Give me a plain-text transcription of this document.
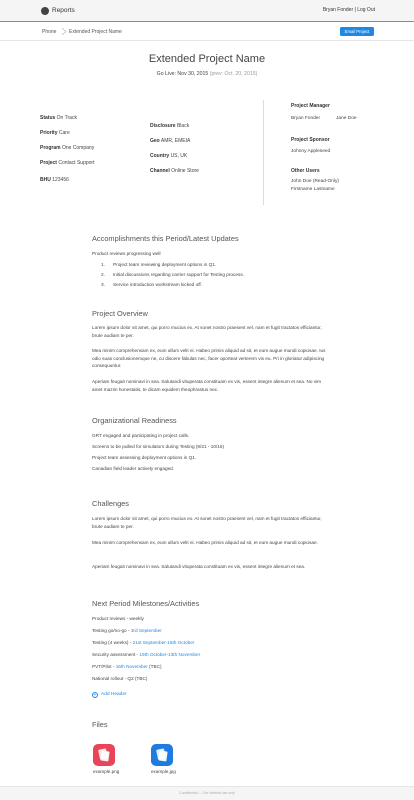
Reports	Bryan Fonder | Log Out
Phone	Extended Project Name	Email Project
Extended Project Name
Go Live: Nov 30, 2015 (prev: Oct. 20, 2015)
Status On Track
Priority Care
Program One Company
Project Contact Support
BHU 123456
Disclosure Black
Geo AMR, EMEIA
Country US, UK
Channel Online Store
Project Manager
Bryan Fonder	Jane Doe
Project Sponsor
Johnny Appleseed
Other Users
John Doe (Read-Only)
Firstname Lastname
Accomplishments this Period/Latest Updates
Product reviews progressing well
1. Project team reviewing deployment options in Q1.
2. Initial discussions regarding carrier support for Testing process.
3. Service introduction workstream kicked off.
Project Overview
Lorem ipsum dolor sit amet, qui porro mucius ex. At sonet nostro praesent vel, nam et fugit tractatos efficiantur, brute audiam te per.
Mea minim comprehensam ex, eum ullum velit ei. Habeo primis aliquid ad sit, et eum augue mundi copiosae. Ius odio suas conclusionemque ne, cu discere fabulas nec, facer oporteat verterem vis eu. Pri in gloriatur adipiscing consequuntur.
Aperiam feugait nominavi in sea. Salutandi vituperata constituam ex vis, essent integre alienum et sea. No vim amet mazim honestatis, te dicam equidem theophrastus nec.
Organizational Readiness
GRT engaged and participating in project calls.
Screens to be pulled for simulators during Testing (9/21 - 10/16)
Project team assessing deployment options in Q1.
Canadian field leader actively engaged.
Challenges
Lorem ipsum dolor sit amet, qui porro mucius ex. At sonet nostro praesent vel, nam et fugit tractatos efficiantur, brute audiam te per.
Mea minim comprehensam ex, eum ullum velit ei. Habeo primis aliquid ad sit, et eum augue mundi copiosae.
Aperiam feugait nominavi in sea. Salutandi vituperata constituam ex vis, essent integre alienum et sea.
Next Period Milestones/Activities
Product reviews - weekly
Testing go/no-go - 3rd September
Testing (4 weeks) - 21st September-16th October
Security assessment - 19th October-13th November
PVT/Pilot - 16th November (TBC)
National rollout - Q2 (TBC)
+ Add Header
Files
example.png	example.jpg
Confidential — For internal use only
